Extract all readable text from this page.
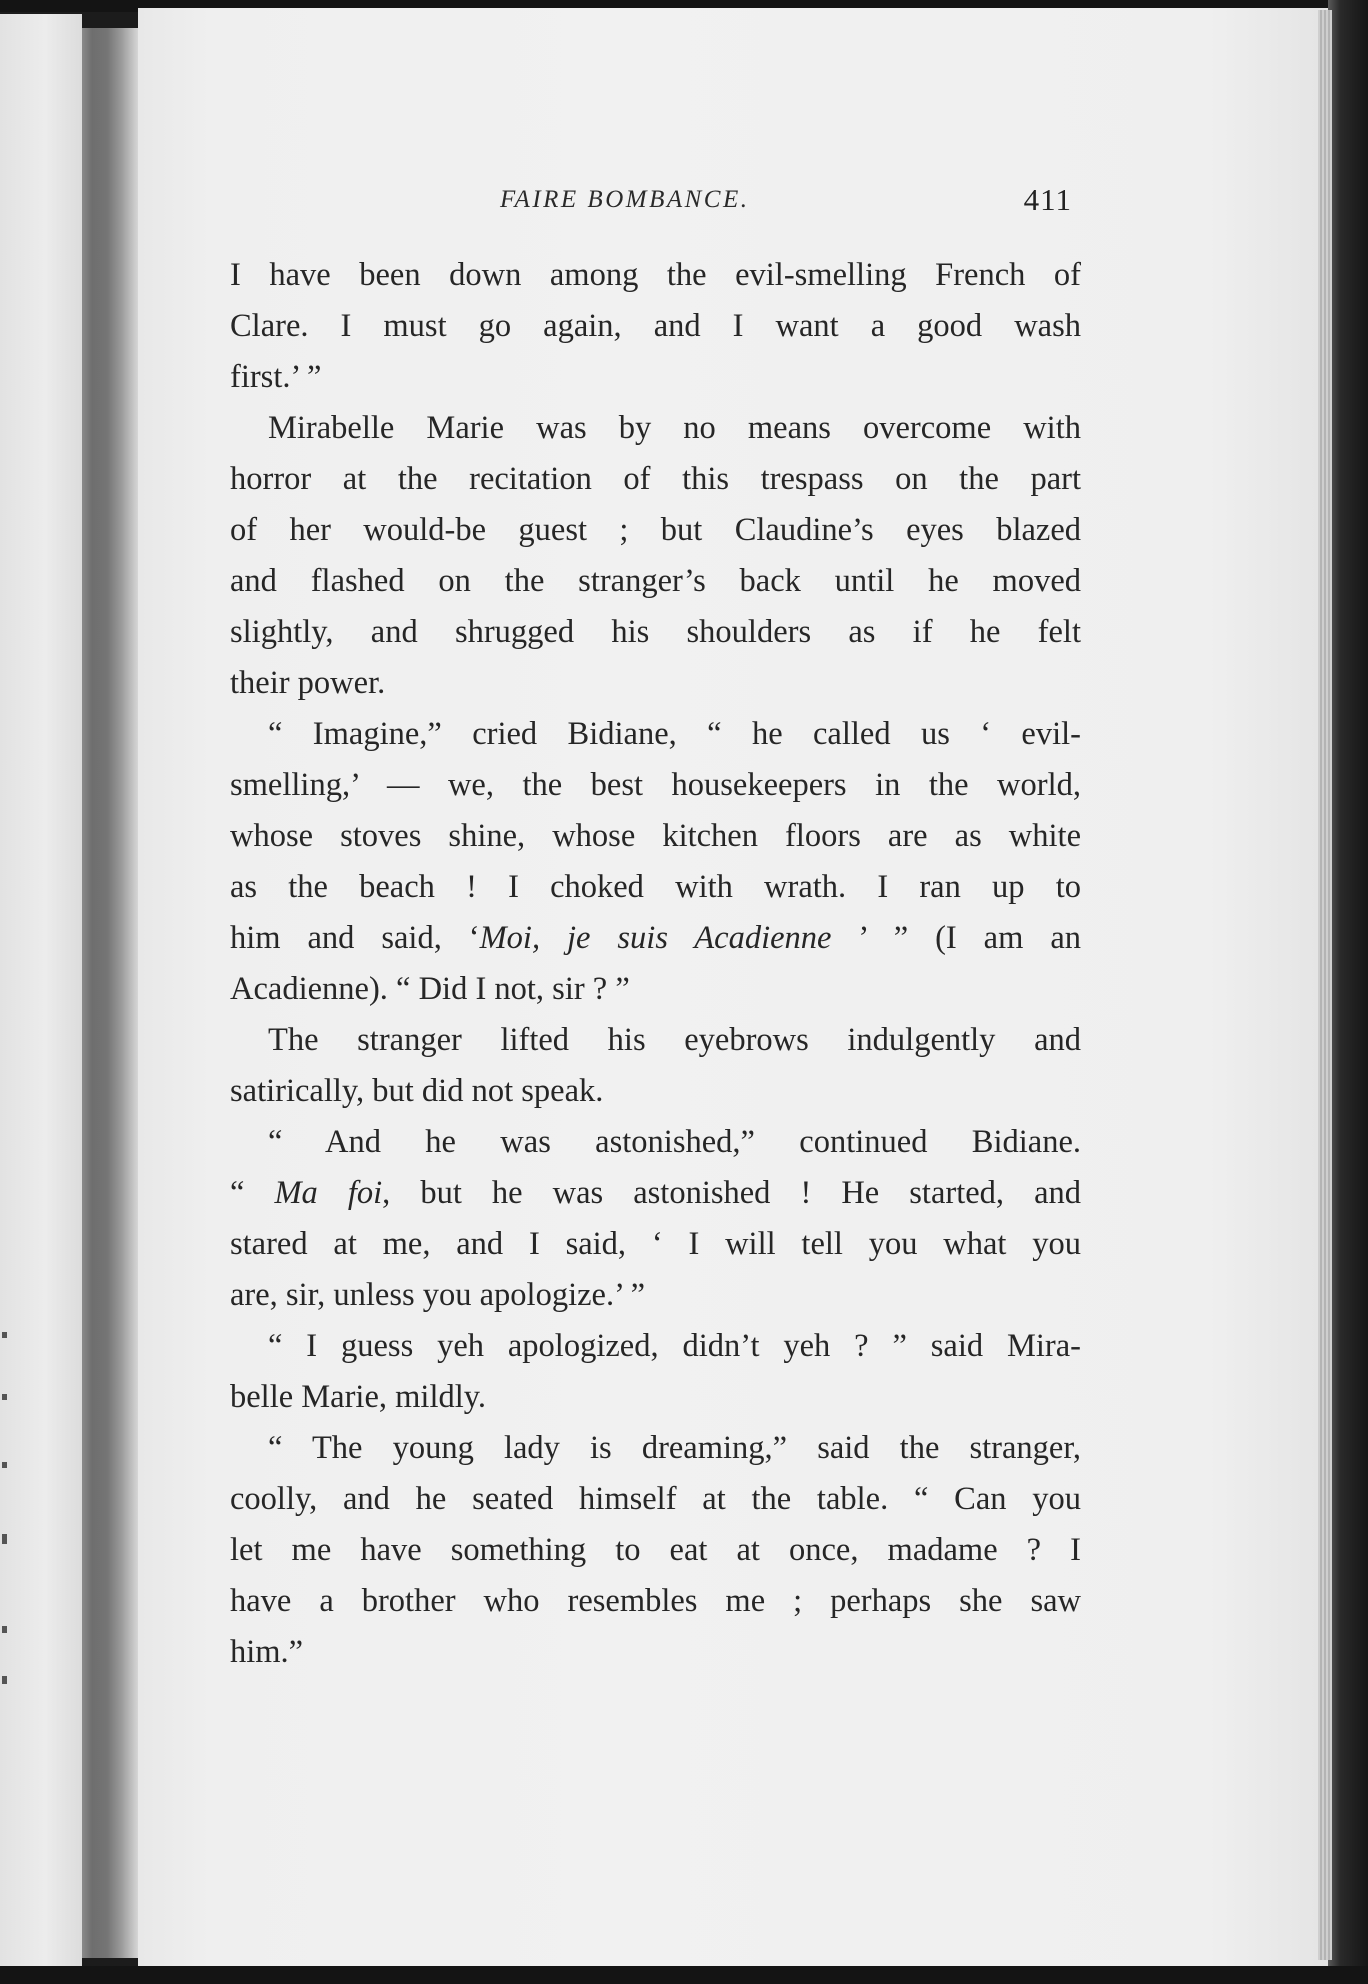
FAIRE BOMBANCE.	411

I have been down among the evil-smelling French of
Clare. I must go again, and I want a good wash
first.’ ”

Mirabelle Marie was by no means overcome with
horror at the recitation of this trespass on the part
of her would-be guest ; but Claudine’s eyes blazed
and flashed on the stranger’s back until he moved
slightly, and shrugged his shoulders as if he felt
their power.

“ Imagine,” cried Bidiane, “ he called us ‘ evil-
smelling,’ — we, the best housekeepers in the world,
whose stoves shine, whose kitchen floors are as white
as the beach ! I choked with wrath. I ran up to
him and said, ‘Moi, je suis Acadienne ’ ” (I am an
Acadienne). “ Did I not, sir ? ”

The stranger lifted his eyebrows indulgently and
satirically, but did not speak.

“ And he was astonished,” continued Bidiane.
“ Ma foi, but he was astonished ! He started, and
stared at me, and I said, ‘ I will tell you what you
are, sir, unless you apologize.’ ”

“ I guess yeh apologized, didn’t yeh ? ” said Mira-
belle Marie, mildly.

“ The young lady is dreaming,” said the stranger,
coolly, and he seated himself at the table. “ Can you
let me have something to eat at once, madame ? I
have a brother who resembles me ; perhaps she saw
him.”
